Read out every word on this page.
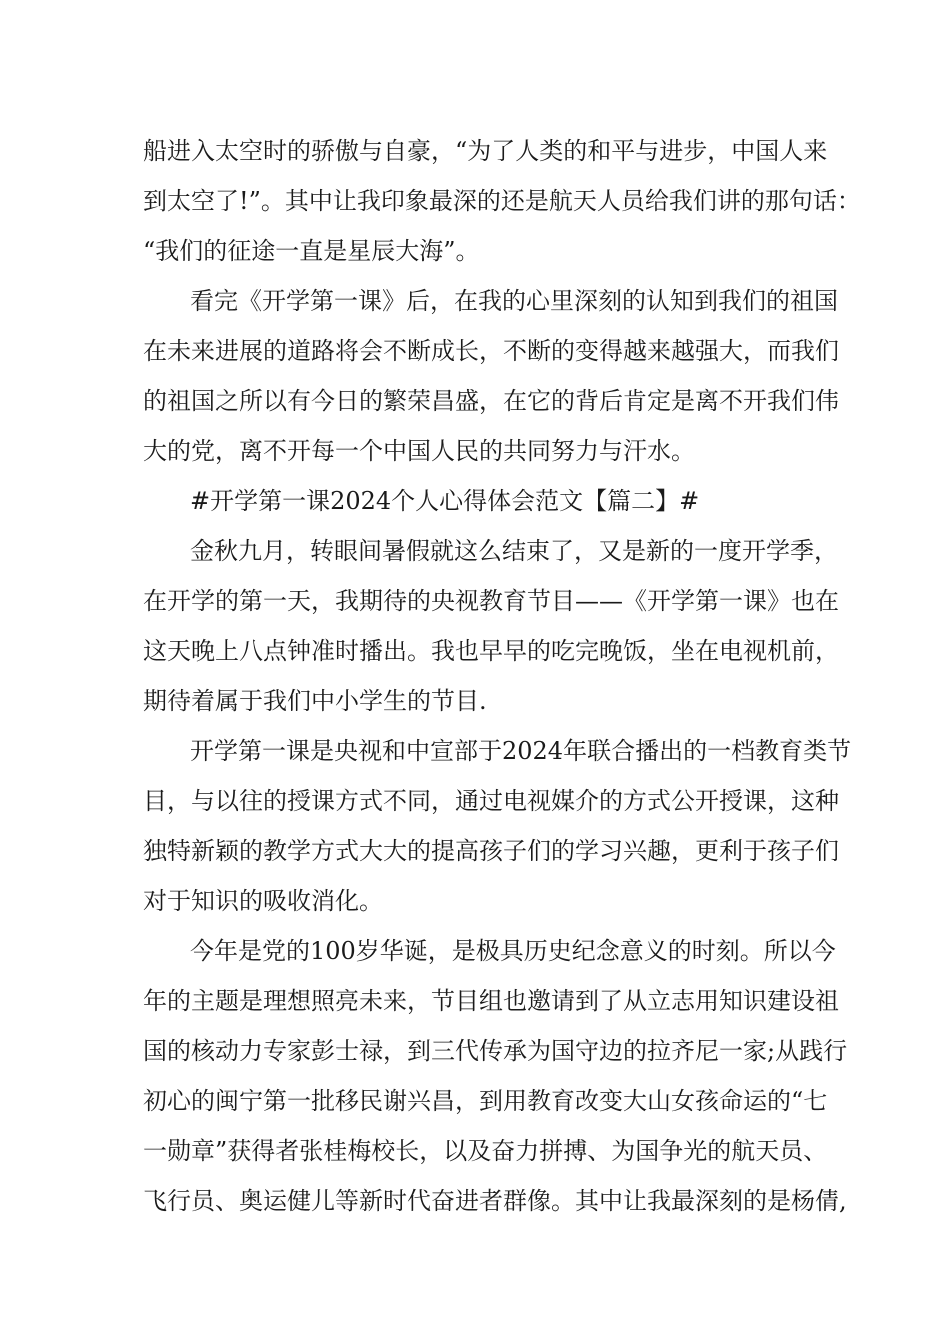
船进入太空时的骄傲与自豪，“为了人类的和平与进步，中国人来
到太空了!”。其中让我印象最深的还是航天人员给我们讲的那句话：
“我们的征途一直是星辰大海”。
看完《开学第一课》后，在我的心里深刻的认知到我们的祖国
在未来进展的道路将会不断成长，不断的变得越来越强大，而我们
的祖国之所以有今日的繁荣昌盛，在它的背后肯定是离不开我们伟
大的党，离不开每一个中国人民的共同努力与汗水。
#开学第一课2024个人心得体会范文【篇二】#
金秋九月，转眼间暑假就这么结束了，又是新的一度开学季，
在开学的第一天，我期待的央视教育节目——《开学第一课》也在
这天晚上八点钟准时播出。我也早早的吃完晚饭，坐在电视机前，
期待着属于我们中小学生的节目.
开学第一课是央视和中宣部于2024年联合播出的一档教育类节
目，与以往的授课方式不同，通过电视媒介的方式公开授课，这种
独特新颖的教学方式大大的提高孩子们的学习兴趣，更利于孩子们
对于知识的吸收消化。
今年是党的100岁华诞，是极具历史纪念意义的时刻。所以今
年的主题是理想照亮未来，节目组也邀请到了从立志用知识建设祖
国的核动力专家彭士禄，到三代传承为国守边的拉齐尼一家;从践行
初心的闽宁第一批移民谢兴昌，到用教育改变大山女孩命运的“七
一勋章”获得者张桂梅校长，以及奋力拼搏、为国争光的航天员、
飞行员、奥运健儿等新时代奋进者群像。其中让我最深刻的是杨倩,
